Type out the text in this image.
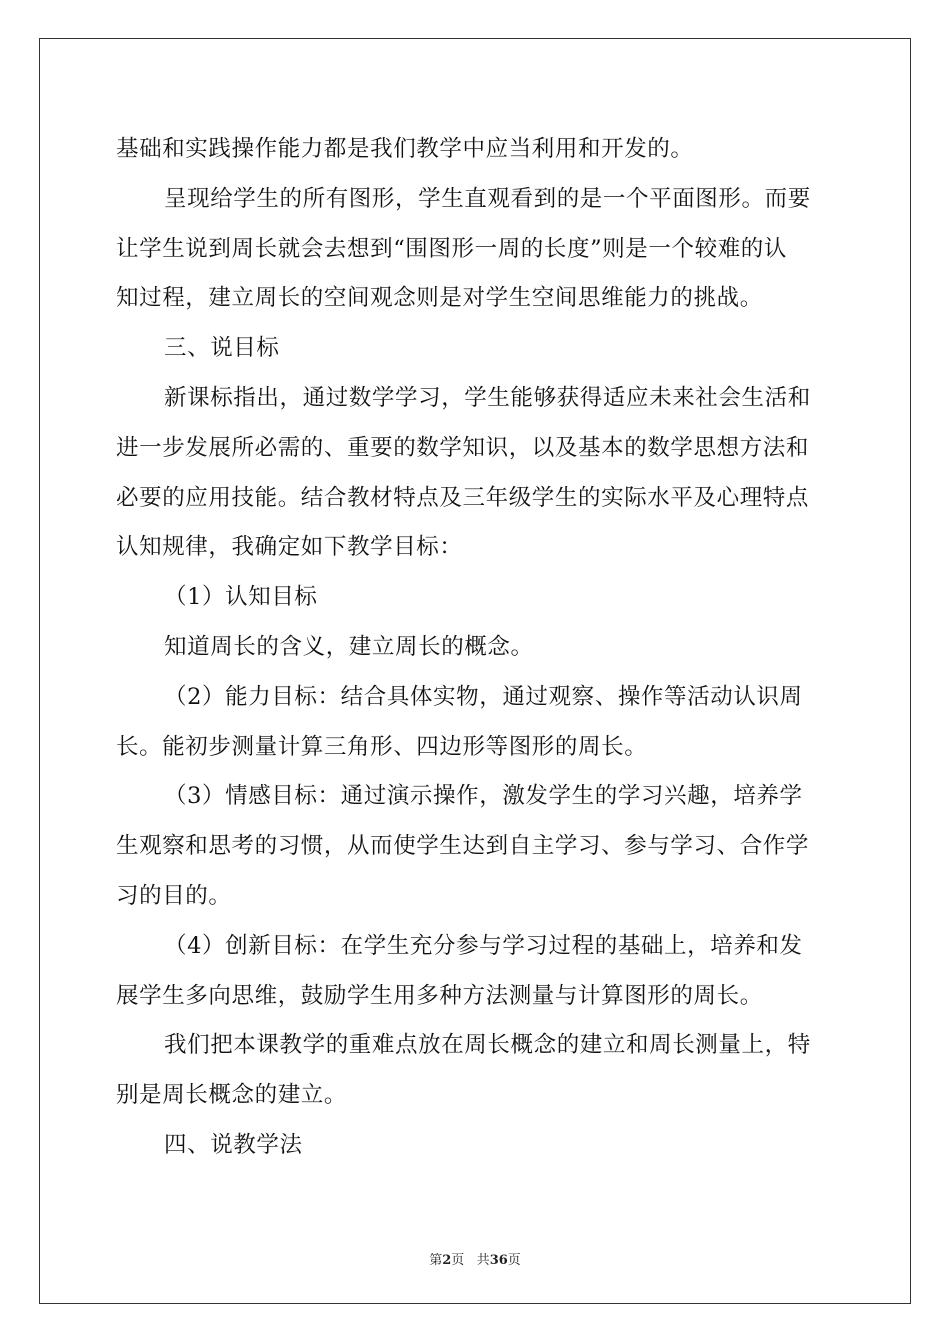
基础和实践操作能力都是我们教学中应当利用和开发的。
呈现给学生的所有图形，学生直观看到的是一个平面图形。而要
让学生说到周长就会去想到“围图形一周的长度”则是一个较难的认
知过程，建立周长的空间观念则是对学生空间思维能力的挑战。
三、说目标
新课标指出，通过数学学习，学生能够获得适应未来社会生活和
进一步发展所必需的、重要的数学知识，以及基本的数学思想方法和
必要的应用技能。结合教材特点及三年级学生的实际水平及心理特点
认知规律，我确定如下教学目标：
（1）认知目标
知道周长的含义，建立周长的概念。
（2）能力目标：结合具体实物，通过观察、操作等活动认识周
长。能初步测量计算三角形、四边形等图形的周长。
（3）情感目标：通过演示操作，激发学生的学习兴趣，培养学
生观察和思考的习惯，从而使学生达到自主学习、参与学习、合作学
习的目的。
（4）创新目标：在学生充分参与学习过程的基础上，培养和发
展学生多向思维，鼓励学生用多种方法测量与计算图形的周长。
我们把本课教学的重难点放在周长概念的建立和周长测量上，特
别是周长概念的建立。
四、说教学法
第2页 共36页
